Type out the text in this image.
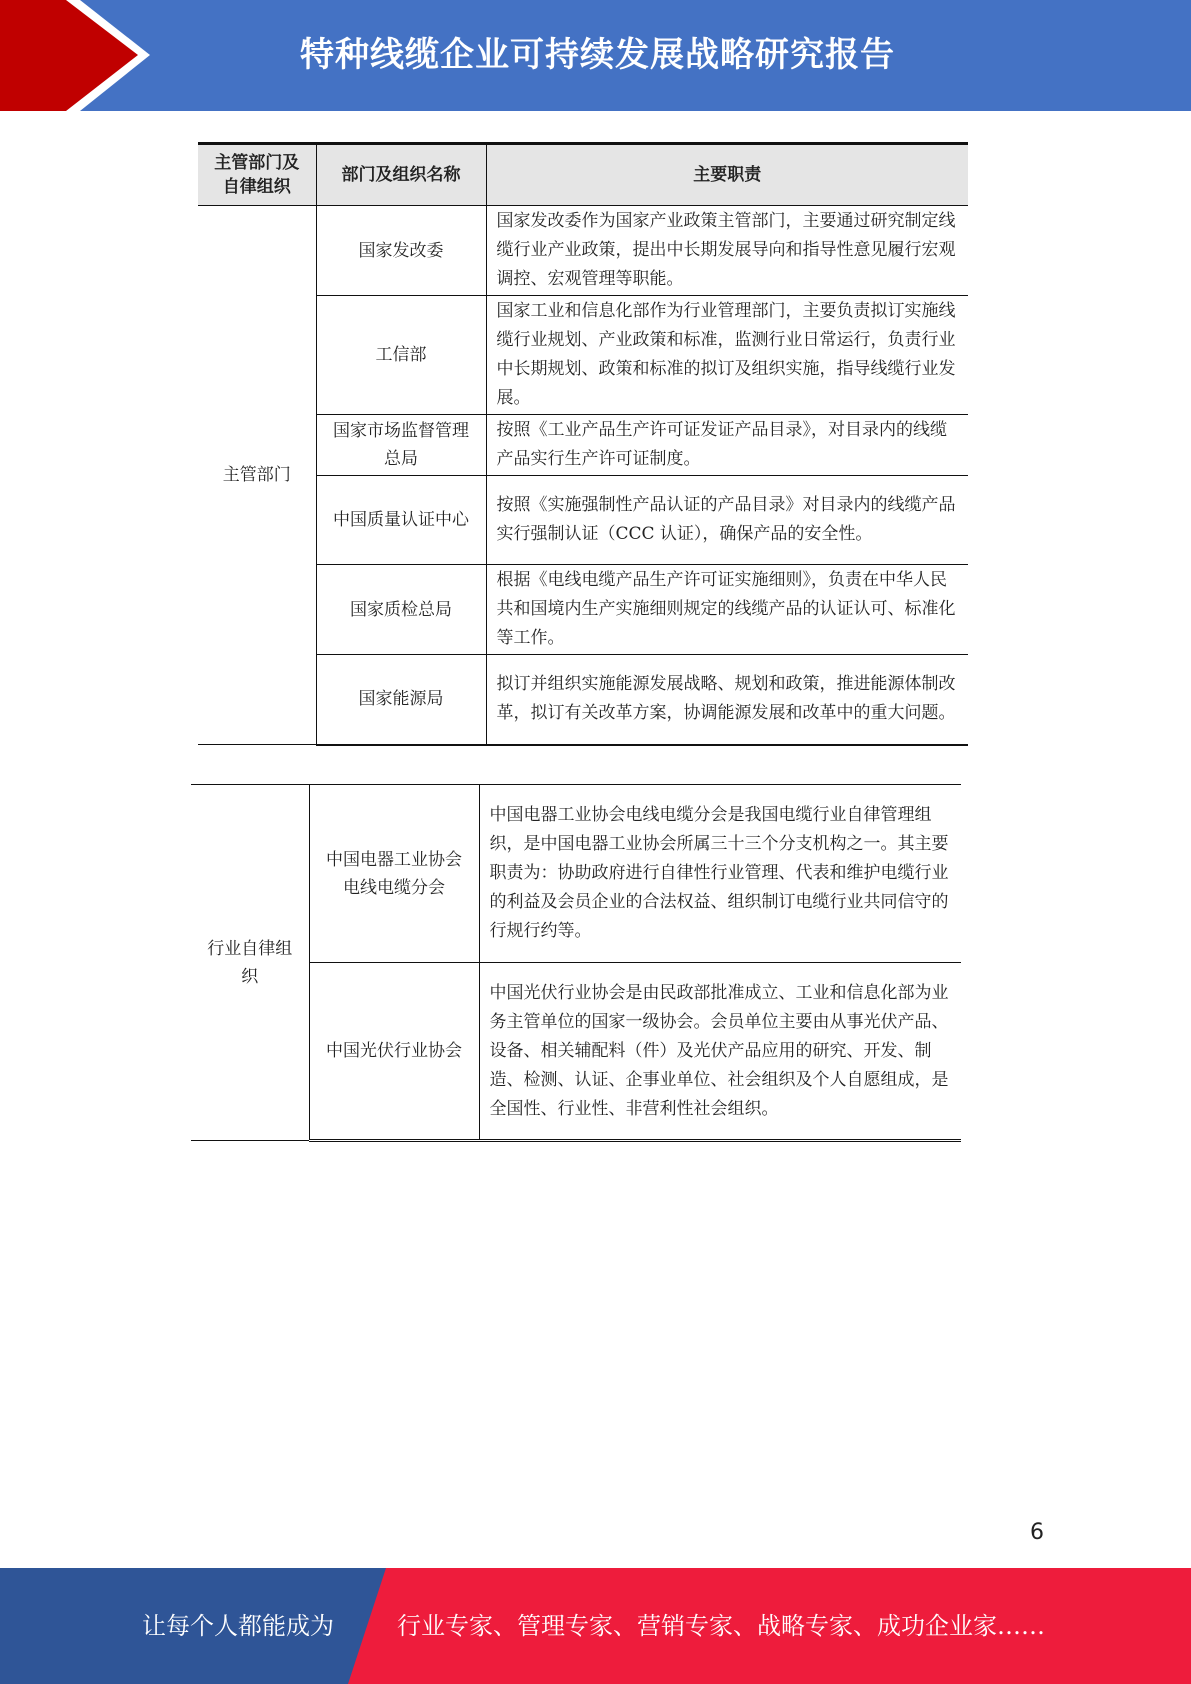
特种线缆企业可持续发展战略研究报告
主管部门及自律组织	部门及组织名称	主要职责
主管部门	国家发改委	国家发改委作为国家产业政策主管部门，主要通过研究制定线缆行业产业政策，提出中长期发展导向和指导性意见履行宏观调控、宏观管理等职能。
	工信部	国家工业和信息化部作为行业管理部门，主要负责拟订实施线缆行业规划、产业政策和标准，监测行业日常运行，负责行业中长期规划、政策和标准的拟订及组织实施，指导线缆行业发展。
	国家市场监督管理总局	按照《工业产品生产许可证发证产品目录》，对目录内的线缆产品实行生产许可证制度。
	中国质量认证中心	按照《实施强制性产品认证的产品目录》对目录内的线缆产品实行强制认证（CCC 认证），确保产品的安全性。
	国家质检总局	根据《电线电缆产品生产许可证实施细则》，负责在中华人民共和国境内生产实施细则规定的线缆产品的认证认可、标准化等工作。
	国家能源局	拟订并组织实施能源发展战略、规划和政策，推进能源体制改革，拟订有关改革方案，协调能源发展和改革中的重大问题。
行业自律组织	中国电器工业协会电线电缆分会	中国电器工业协会电线电缆分会是我国电缆行业自律管理组织，是中国电器工业协会所属三十三个分支机构之一。其主要职责为：协助政府进行自律性行业管理、代表和维护电缆行业的利益及会员企业的合法权益、组织制订电缆行业共同信守的行规行约等。
	中国光伏行业协会	中国光伏行业协会是由民政部批准成立、工业和信息化部为业务主管单位的国家一级协会。会员单位主要由从事光伏产品、设备、相关辅配料（件）及光伏产品应用的研究、开发、制造、检测、认证、企事业单位、社会组织及个人自愿组成，是全国性、行业性、非营利性社会组织。
6
让每个人都能成为	行业专家、管理专家、营销专家、战略专家、成功企业家……
